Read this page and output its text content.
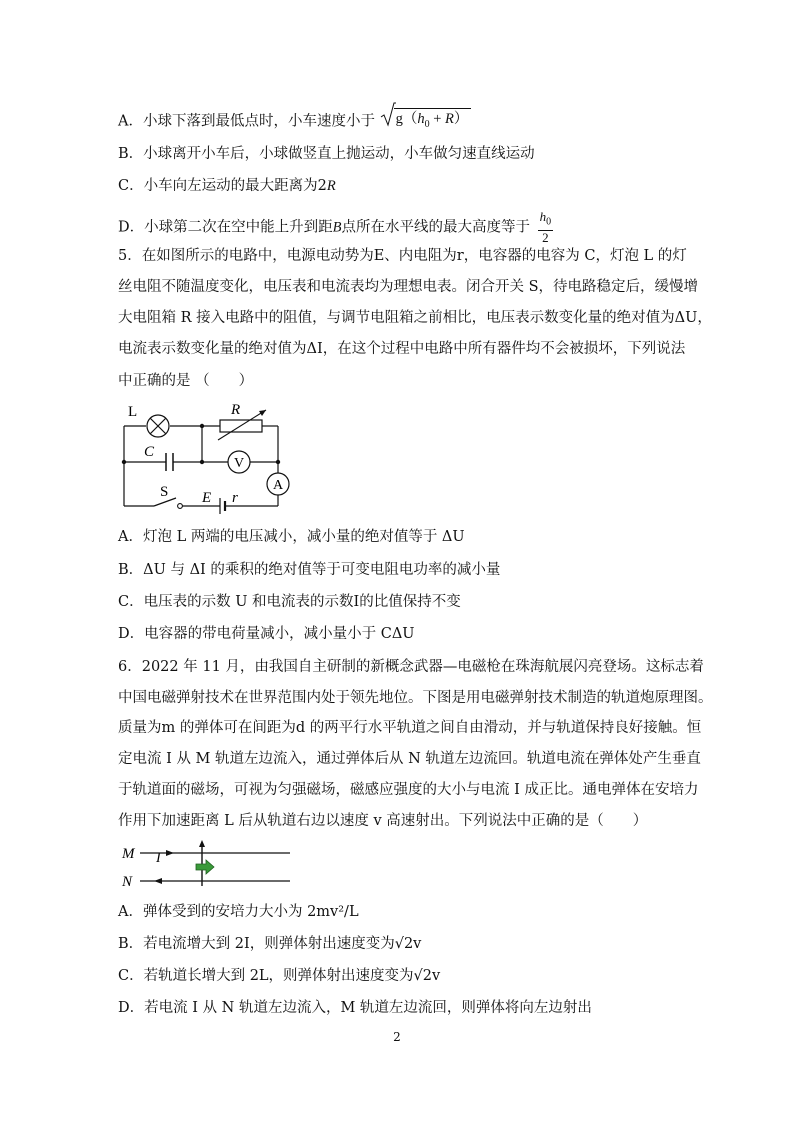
A．小球下落到最低点时，小车速度小于 $g(h_0 + R)$
B．小球离开小车后，小球做竖直上抛运动，小车做匀速直线运动
C．小车向左运动的最大距离为2R
D．小球第二次在空中能上升到距B点所在水平线的最大高度等于 $\frac{h_0}{2}$
5．在如图所示的电路中，电源电动势为E、内电阻为r，电容器的电容为 C，灯泡 L 的灯
丝电阻不随温度变化，电压表和电流表均为理想电表。闭合开关 S，待电路稳定后，缓慢增
大电阻箱 R 接入电路中的阻值，与调节电阻箱之前相比，电压表示数变化量的绝对值为ΔU，
电流表示数变化量的绝对值为ΔI，在这个过程中电路中所有器件均不会被损坏，下列说法
中正确的是 （　　）
L	R
C
V
A
S E r
A．灯泡 L 两端的电压减小，减小量的绝对值等于 ΔU
B．ΔU 与 ΔI 的乘积的绝对值等于可变电阻电功率的减小量
C．电压表的示数 U 和电流表的示数I的比值保持不变
D．电容器的带电荷量减小，减小量小于 CΔU
6．2022 年 11 月，由我国自主研制的新概念武器—电磁枪在珠海航展闪亮登场。这标志着
中国电磁弹射技术在世界范围内处于领先地位。下图是用电磁弹射技术制造的轨道炮原理图。
质量为m 的弹体可在间距为d 的两平行水平轨道之间自由滑动，并与轨道保持良好接触。恒
定电流 I 从 M 轨道左边流入，通过弹体后从 N 轨道左边流回。轨道电流在弹体处产生垂直
于轨道面的磁场，可视为匀强磁场，磁感应强度的大小与电流 I 成正比。通电弹体在安培力
作用下加速距离 L 后从轨道右边以速度 v 高速射出。下列说法中正确的是（　　）
M
N
I
A．弹体受到的安培力大小为 2mv²/L
B．若电流增大到 2I，则弹体射出速度变为√2v
C．若轨道长增大到 2L，则弹体射出速度变为√2v
D．若电流 I 从 N 轨道左边流入，M 轨道左边流回，则弹体将向左边射出
2
